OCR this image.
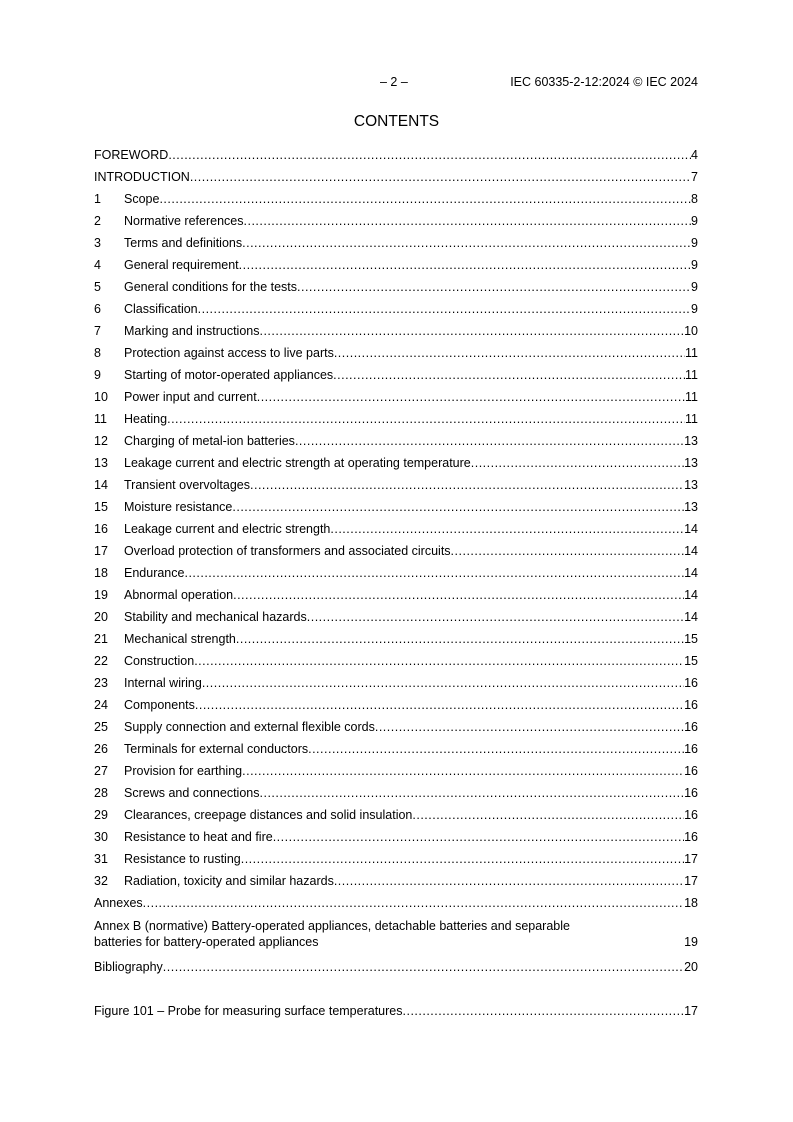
– 2 –	IEC 60335-2-12:2024 © IEC 2024
CONTENTS
FOREWORD .....	4
INTRODUCTION .....	7
1	Scope .....	8
2	Normative references .....	9
3	Terms and definitions .....	9
4	General requirement .....	9
5	General conditions for the tests .....	9
6	Classification .....	9
7	Marking and instructions .....	10
8	Protection against access to live parts .....	11
9	Starting of motor-operated appliances .....	11
10	Power input and current .....	11
11	Heating .....	11
12	Charging of metal-ion batteries .....	13
13	Leakage current and electric strength at operating temperature .....	13
14	Transient overvoltages .....	13
15	Moisture resistance .....	13
16	Leakage current and electric strength .....	14
17	Overload protection of transformers and associated circuits .....	14
18	Endurance .....	14
19	Abnormal operation .....	14
20	Stability and mechanical hazards .....	14
21	Mechanical strength .....	15
22	Construction .....	15
23	Internal wiring .....	16
24	Components .....	16
25	Supply connection and external flexible cords .....	16
26	Terminals for external conductors .....	16
27	Provision for earthing .....	16
28	Screws and connections .....	16
29	Clearances, creepage distances and solid insulation .....	16
30	Resistance to heat and fire .....	16
31	Resistance to rusting .....	17
32	Radiation, toxicity and similar hazards .....	17
Annexes .....	18
Annex B (normative) Battery-operated appliances, detachable batteries and separable
batteries for battery-operated appliances	19
Bibliography .....	20
Figure 101 – Probe for measuring surface temperatures .....	17
